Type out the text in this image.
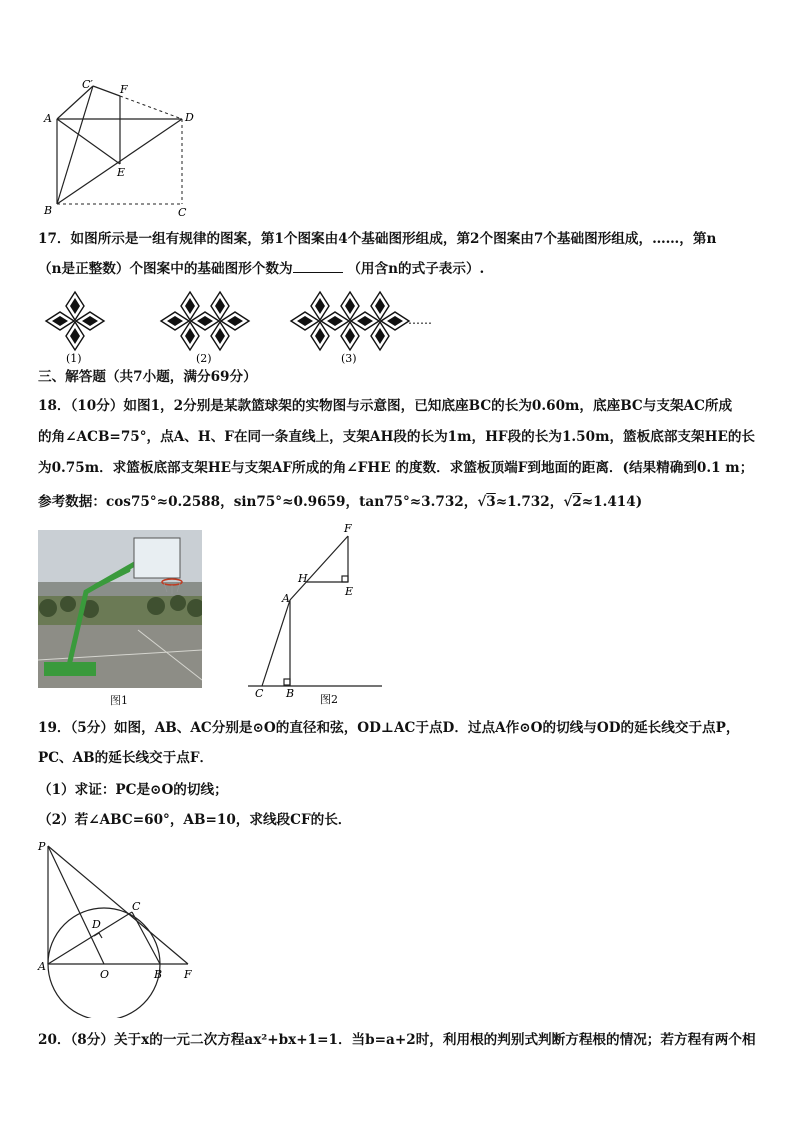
C′ F
A	D
E
B	C
17．如图所示是一组有规律的图案，第1个图案由4个基础图形组成，第2个图案由7个基础图形组成，……，第n
（n是正整数）个图案中的基础图形个数为	（用含n的式子表示）.
……
(1)	(2)	(3)
三、解答题（共7小题，满分69分）
18．（10分）如图1，2分别是某款篮球架的实物图与示意图，已知底座BC的长为0.60m，底座BC与支架AC所成
的角∠ACB=75°，点A、H、F在同一条直线上，支架AH段的长为1m，HF段的长为1.50m，篮板底部支架HE的长
为0.75m．求篮板底部支架HE与支架AF所成的角∠FHE 的度数．求篮板顶端F到地面的距离．(结果精确到0.1 m；
参考数据：cos75°≈0.2588，sin75°≈0.9659，tan75°≈3.732，√3≈1.732，√2≈1.414)
F
H
E
A
C B 图2
图1
19．（5分）如图，AB、AC分别是⊙O的直径和弦，OD⊥AC于点D．过点A作⊙O的切线与OD的延长线交于点P，
PC、AB的延长线交于点F．
（1）求证：PC是⊙O的切线；
（2）若∠ABC=60°，AB=10，求线段CF的长．
P
C
D
A
O	B F
20．（8分）关于x的一元二次方程ax²+bx+1=1．当b=a+2时，利用根的判别式判断方程根的情况；若方程有两个相
